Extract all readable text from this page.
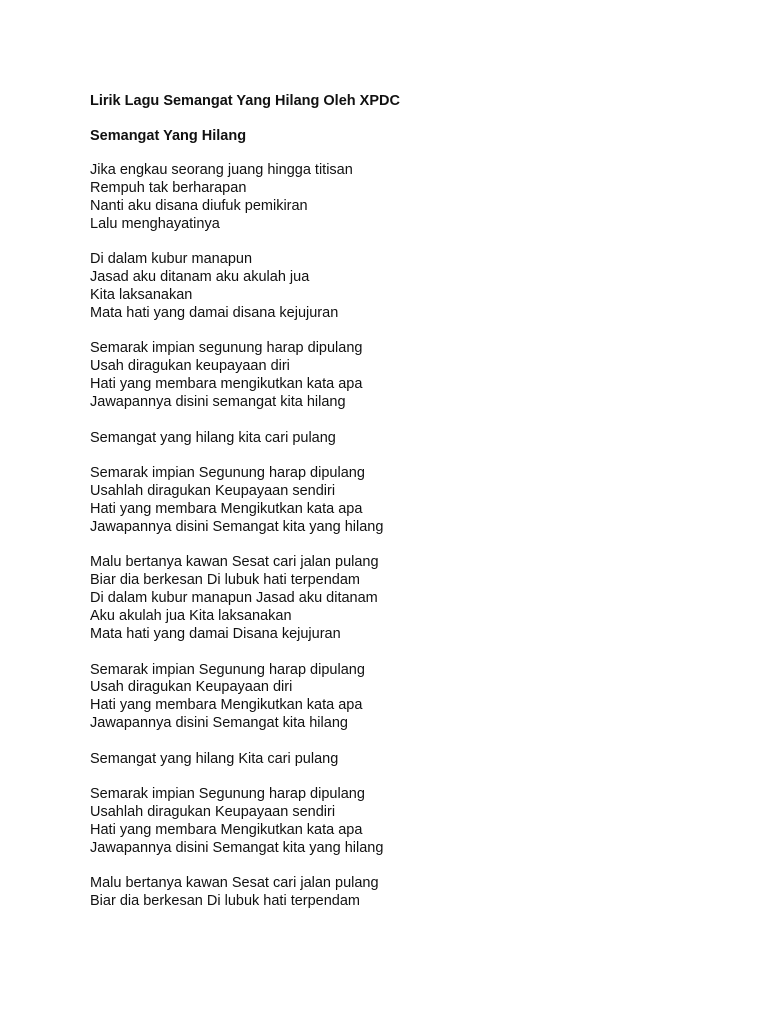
Lirik Lagu Semangat Yang Hilang Oleh XPDC
Semangat Yang Hilang
Jika engkau seorang juang hingga titisan
Rempuh tak berharapan
Nanti aku disana diufuk pemikiran
Lalu menghayatinya
Di dalam kubur manapun
Jasad aku ditanam aku akulah jua
Kita laksanakan
Mata hati yang damai disana kejujuran
Semarak impian segunung harap dipulang
Usah diragukan keupayaan diri
Hati yang membara mengikutkan kata apa
Jawapannya disini semangat kita hilang
Semangat yang hilang kita cari pulang
Semarak impian Segunung harap dipulang
Usahlah diragukan Keupayaan sendiri
Hati yang membara Mengikutkan kata apa
Jawapannya disini Semangat kita yang hilang
Malu bertanya kawan Sesat cari jalan pulang
Biar dia berkesan Di lubuk hati terpendam
Di dalam kubur manapun Jasad aku ditanam
Aku akulah jua Kita laksanakan
Mata hati yang damai Disana kejujuran
Semarak impian Segunung harap dipulang
Usah diragukan Keupayaan diri
Hati yang membara Mengikutkan kata apa
Jawapannya disini Semangat kita hilang
Semangat yang hilang Kita cari pulang
Semarak impian Segunung harap dipulang
Usahlah diragukan Keupayaan sendiri
Hati yang membara Mengikutkan kata apa
Jawapannya disini Semangat kita yang hilang
Malu bertanya kawan Sesat cari jalan pulang
Biar dia berkesan Di lubuk hati terpendam
